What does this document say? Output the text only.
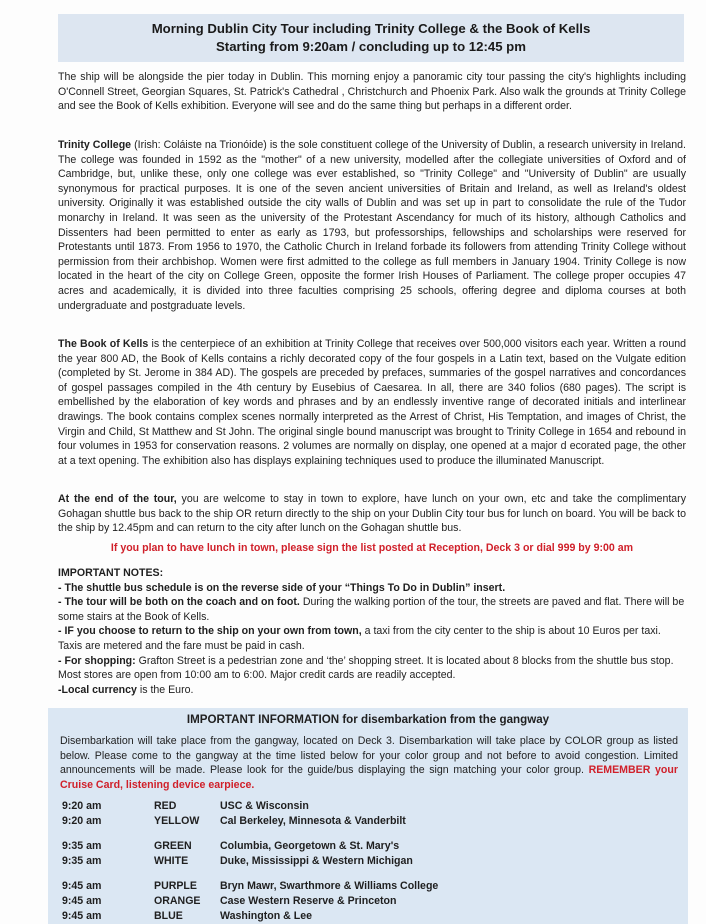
Morning Dublin City Tour including Trinity College & the Book of Kells
Starting from 9:20am / concluding up to 12:45 pm
The ship will be alongside the pier today in Dublin. This morning enjoy a panoramic city tour passing the city's highlights including O'Connell Street, Georgian Squares, St. Patrick's Cathedral , Christchurch and Phoenix Park. Also walk the grounds at Trinity College and see the Book of Kells exhibition. Everyone will see and do the same thing but perhaps in a different order.
Trinity College (Irish: Coláiste na Trionóide) is the sole constituent college of the University of Dublin, a research university in Ireland. The college was founded in 1592 as the "mother" of a new university, modelled after the collegiate universities of Oxford and of Cambridge, but, unlike these, only one college was ever established, so "Trinity College" and "University of Dublin" are usually synonymous for practical purposes. It is one of the seven ancient universities of Britain and Ireland, as well as Ireland's oldest university. Originally it was established outside the city walls of Dublin and was set up in part to consolidate the rule of the Tudor monarchy in Ireland. It was seen as the university of the Protestant Ascendancy for much of its history, although Catholics and Dissenters had been permitted to enter as early as 1793, but professorships, fellowships and scholarships were reserved for Protestants until 1873. From 1956 to 1970, the Catholic Church in Ireland forbade its followers from attending Trinity College without permission from their archbishop. Women were first admitted to the college as full members in January 1904. Trinity College is now located in the heart of the city on College Green, opposite the former Irish Houses of Parliament. The college proper occupies 47 acres and academically, it is divided into three faculties comprising 25 schools, offering degree and diploma courses at both undergraduate and postgraduate levels.
The Book of Kells is the centerpiece of an exhibition at Trinity College that receives over 500,000 visitors each year. Written a round the year 800 AD, the Book of Kells contains a richly decorated copy of the four gospels in a Latin text, based on the Vulgate edition (completed by St. Jerome in 384 AD). The gospels are preceded by prefaces, summaries of the gospel narratives and concordances of gospel passages compiled in the 4th century by Eusebius of Caesarea. In all, there are 340 folios (680 pages). The script is embellished by the elaboration of key words and phrases and by an endlessly inventive range of decorated initials and interlinear drawings. The book contains complex scenes normally interpreted as the Arrest of Christ, His Temptation, and images of Christ, the Virgin and Child, St Matthew and St John. The original single bound manuscript was brought to Trinity College in 1654 and rebound in four volumes in 1953 for conservation reasons. 2 volumes are normally on display, one opened at a major d ecorated page, the other at a text opening. The exhibition also has displays explaining techniques used to produce the illuminated Manuscript.
At the end of the tour, you are welcome to stay in town to explore, have lunch on your own, etc and take the complimentary Gohagan shuttle bus back to the ship OR return directly to the ship on your Dublin City tour bus for lunch on board. You will be back to the ship by 12.45pm and can return to the city after lunch on the Gohagan shuttle bus.
If you plan to have lunch in town, please sign the list posted at Reception, Deck 3 or dial 999 by 9:00 am
IMPORTANT NOTES:
- The shuttle bus schedule is on the reverse side of your “Things To Do in Dublin” insert.
- The tour will be both on the coach and on foot. During the walking portion of the tour, the streets are paved and flat. There will be some stairs at the Book of Kells.
- IF you choose to return to the ship on your own from town, a taxi from the city center to the ship is about 10 Euros per taxi. Taxis are metered and the fare must be paid in cash.
- For shopping: Grafton Street is a pedestrian zone and ‘the’ shopping street. It is located about 8 blocks from the shuttle bus stop. Most stores are open from 10:00 am to 6:00. Major credit cards are readily accepted.
-Local currency is the Euro.
IMPORTANT INFORMATION for disembarkation from the gangway
Disembarkation will take place from the gangway, located on Deck 3. Disembarkation will take place by COLOR group as listed below. Please come to the gangway at the time listed below for your color group and not before to avoid congestion. Limited announcements will be made. Please look for the guide/bus displaying the sign matching your color group. REMEMBER your Cruise Card, listening device earpiece.
9:20 am	RED	USC & Wisconsin
9:20 am	YELLOW	Cal Berkeley, Minnesota & Vanderbilt
9:35 am	GREEN	Columbia, Georgetown & St. Mary's
9:35 am	WHITE	Duke, Mississippi & Western Michigan
9:45 am	PURPLE	Bryn Mawr, Swarthmore & Williams College
9:45 am	ORANGE	Case Western Reserve & Princeton
9:45 am	BLUE	Washington & Lee
